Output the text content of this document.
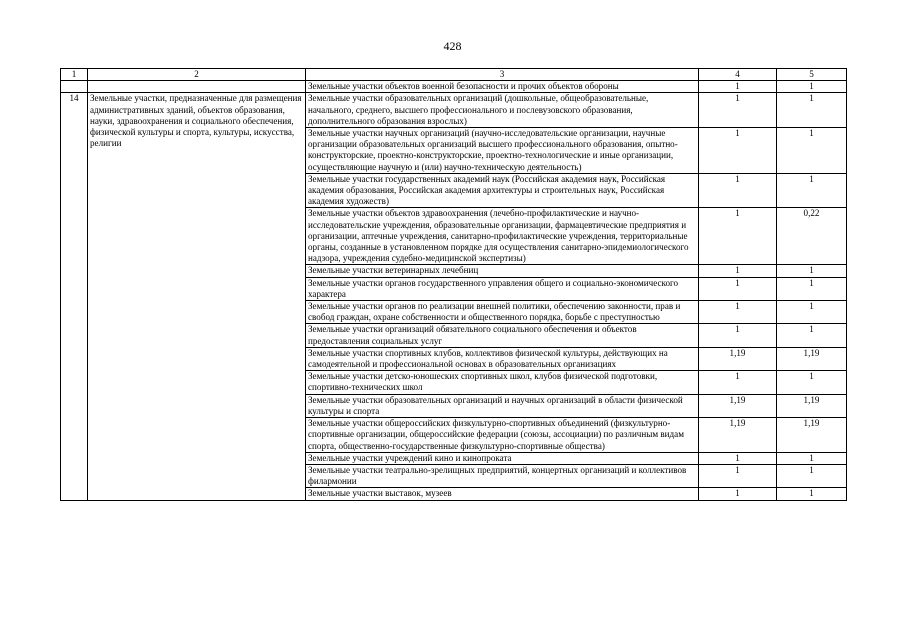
428
1	2	3	4	5
		Земельные участки объектов военной безопасности и прочих объектов обороны	1	1
14	Земельные участки, предназначенные для размещения административных зданий, объектов образования, науки, здравоохранения и социального обеспечения, физической культуры и спорта, культуры, искусства, религии	Земельные участки образовательных организаций (дошкольные, общеобразовательные, начального, среднего, высшего профессионального и послевузовского образования, дополнительного образования взрослых)	1	1
		Земельные участки научных организаций (научно-исследовательские организации, научные организации образовательных организаций высшего профессионального образования, опытно-конструкторские, проектно-конструкторские, проектно-технологические и иные организации, осуществляющие научную и (или) научно-техническую деятельность)	1	1
		Земельные участки государственных академий наук (Российская академия наук, Российская академия образования, Российская академия архитектуры и строительных наук, Российская академия художеств)	1	1
		Земельные участки объектов здравоохранения (лечебно-профилактические и научно-исследовательские учреждения, образовательные организации, фармацевтические предприятия и организации, аптечные учреждения, санитарно-профилактические учреждения, территориальные органы, созданные в установленном порядке для осуществления санитарно-эпидемиологического надзора, учреждения судебно-медицинской экспертизы)	1	0,22
		Земельные участки ветеринарных лечебниц	1	1
		Земельные участки органов государственного управления общего и социально-экономического характера	1	1
		Земельные участки органов по реализации внешней политики, обеспечению законности, прав и свобод граждан, охране собственности и общественного порядка, борьбе с преступностью	1	1
		Земельные участки организаций обязательного социального обеспечения и объектов предоставления социальных услуг	1	1
		Земельные участки спортивных клубов, коллективов физической культуры, действующих на самодеятельной и профессиональной основах в образовательных организациях	1,19	1,19
		Земельные участки детско-юношеских спортивных школ, клубов физической подготовки, спортивно-технических школ	1	1
		Земельные участки образовательных организаций и научных организаций в области физической культуры и спорта	1,19	1,19
		Земельные участки общероссийских физкультурно-спортивных объединений (физкультурно-спортивные организации, общероссийские федерации (союзы, ассоциации) по различным видам спорта, общественно-государственные физкультурно-спортивные общества)	1,19	1,19
		Земельные участки учреждений кино и кинопроката	1	1
		Земельные участки театрально-зрелищных предприятий, концертных организаций и коллективов филармонии	1	1
		Земельные участки выставок, музеев	1	1
